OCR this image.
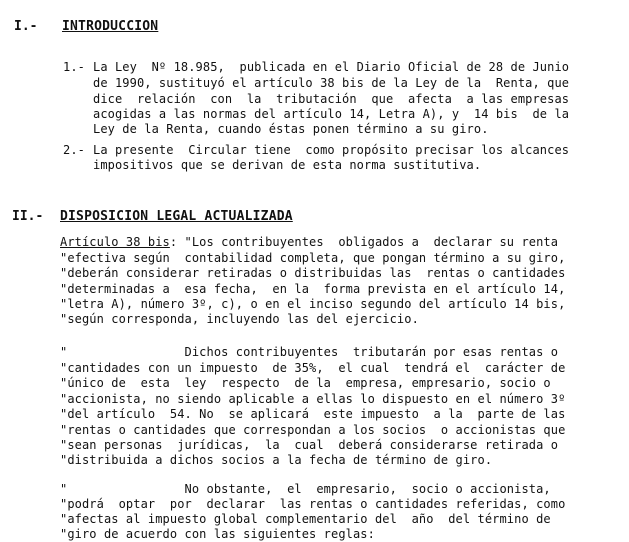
I.- INTRODUCCION
1.- La Ley  Nº 18.985,  publicada en el Diario Oficial de 28 de Junio
de 1990, sustituyó el artículo 38 bis de la Ley de la  Renta, que
dice  relación  con  la  tributación  que  afecta  a las empresas
acogidas a las normas del artículo 14, Letra A), y  14 bis  de la
Ley de la Renta, cuando éstas ponen término a su giro.
2.- La presente  Circular tiene  como propósito precisar los alcances
impositivos que se derivan de esta norma sustitutiva.
II.- DISPOSICION LEGAL ACTUALIZADA
Artículo 38 bis: "Los contribuyentes  obligados a  declarar su renta
"efectiva según  contabilidad completa, que pongan término a su giro,
"deberán considerar retiradas o distribuidas las  rentas o cantidades
"determinadas a  esa fecha,  en la  forma prevista en el artículo 14,
"letra A), número 3º, c), o en el inciso segundo del artículo 14 bis,
"según corresponda, incluyendo las del ejercicio.
"                Dichos contribuyentes  tributarán por esas rentas o
"cantidades con un impuesto  de 35%,  el cual  tendrá el  carácter de
"único de  esta  ley  respecto  de la  empresa, empresario, socio o
"accionista, no siendo aplicable a ellas lo dispuesto en el número 3º
"del artículo  54. No  se aplicará  este impuesto  a la  parte de las
"rentas o cantidades que correspondan a los socios  o accionistas que
"sean personas  jurídicas,  la  cual  deberá considerarse retirada o
"distribuida a dichos socios a la fecha de término de giro.
"                No obstante,  el  empresario,  socio o accionista,
"podrá  optar  por  declarar  las rentas o cantidades referidas, como
"afectas al impuesto global complementario del  año  del término de
"giro de acuerdo con las siguientes reglas:
